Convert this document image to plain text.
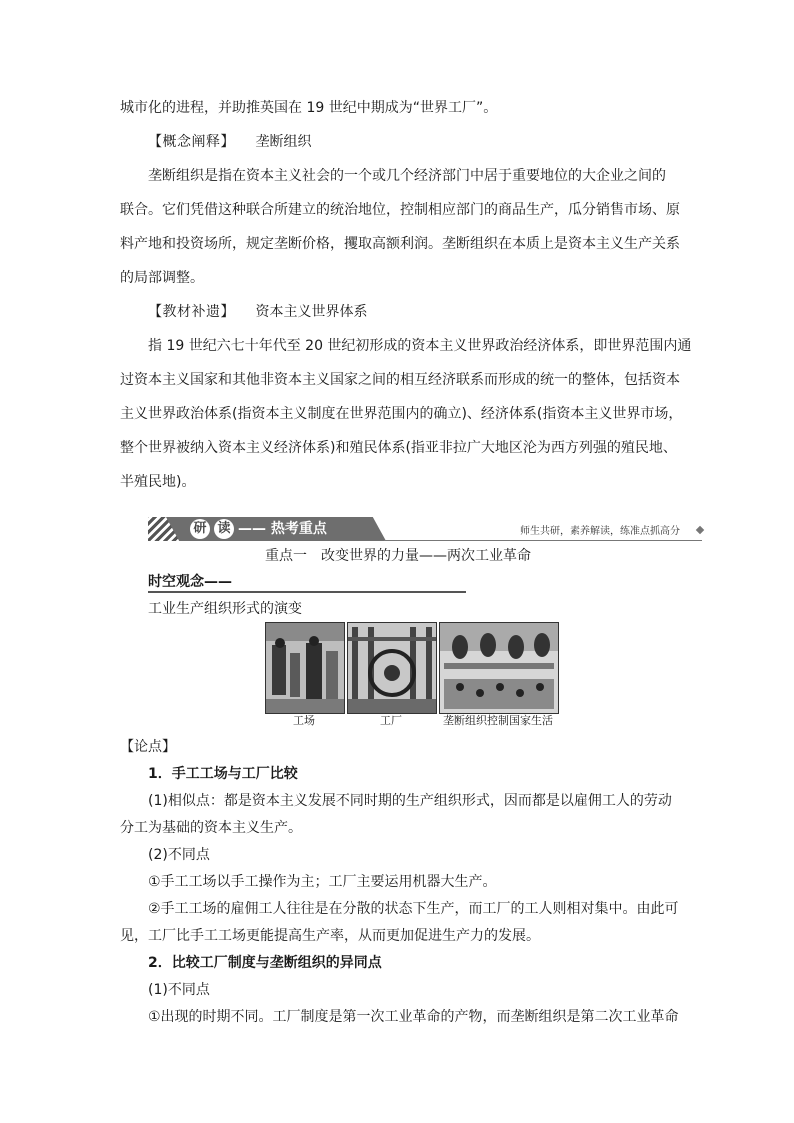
城市化的进程，并助推英国在 19 世纪中期成为“世界工厂”。
【概念阐释】 垄断组织
垄断组织是指在资本主义社会的一个或几个经济部门中居于重要地位的大企业之间的
联合。它们凭借这种联合所建立的统治地位，控制相应部门的商品生产，瓜分销售市场、原
料产地和投资场所，规定垄断价格，攫取高额利润。垄断组织在本质上是资本主义生产关系
的局部调整。
【教材补遗】 资本主义世界体系
指 19 世纪六七十年代至 20 世纪初形成的资本主义世界政治经济体系，即世界范围内通
过资本主义国家和其他非资本主义国家之间的相互经济联系而形成的统一的整体，包括资本
主义世界政治体系(指资本主义制度在世界范围内的确立)、经济体系(指资本主义世界市场，
整个世界被纳入资本主义经济体系)和殖民体系(指亚非拉广大地区沦为西方列强的殖民地、
半殖民地)。
研 读 —— 热考重点	师生共研，素养解读，练准点抓高分
重点一　改变世界的力量——两次工业革命
时空观念——
工业生产组织形式的演变
工场	工厂	垄断组织控制国家生活
【论点】
1．手工工场与工厂比较
(1)相似点：都是资本主义发展不同时期的生产组织形式，因而都是以雇佣工人的劳动
分工为基础的资本主义生产。
(2)不同点
①手工工场以手工操作为主；工厂主要运用机器大生产。
②手工工场的雇佣工人往往是在分散的状态下生产，而工厂的工人则相对集中。由此可
见，工厂比手工工场更能提高生产率，从而更加促进生产力的发展。
2．比较工厂制度与垄断组织的异同点
(1)不同点
①出现的时期不同。工厂制度是第一次工业革命的产物，而垄断组织是第二次工业革命
